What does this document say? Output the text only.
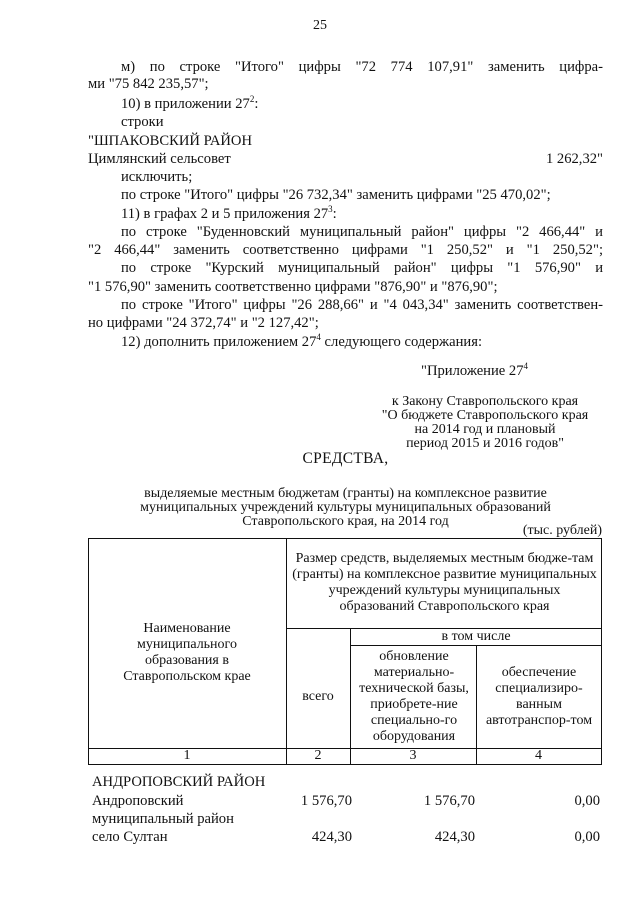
25
м) по строке "Итого" цифры "72 774 107,91" заменить цифра-
ми "75 842 235,57";
10) в приложении $27^2$:
строки
"ШПАКОВСКИЙ РАЙОН
Цимлянский сельсовет	1 262,32"
исключить;
по строке "Итого" цифры "26 732,34" заменить цифрами "25 470,02";
11) в графах 2 и 5 приложения $27^3$:
по строке "Буденновский муниципальный район" цифры "2 466,44" и
"2 466,44" заменить соответственно цифрами "1 250,52" и "1 250,52";
по строке "Курский муниципальный район" цифры "1 576,90" и
"1 576,90" заменить соответственно цифрами "876,90" и "876,90";
по строке "Итого" цифры "26 288,66" и "4 043,34" заменить соответствен-
но цифрами "24 372,74" и "2 127,42";
12) дополнить приложением $27^4$ следующего содержания:
"Приложение $27^4$
к Закону Ставропольского края
"О бюджете Ставропольского края
на 2014 год и плановый
период 2015 и 2016 годов"
СРЕДСТВА,
выделяемые местным бюджетам (гранты) на комплексное развитие
муниципальных учреждений культуры муниципальных образований
Ставропольского края, на 2014 год
(тыс. рублей)
Наименование муниципального образования в Ставропольском крае
Размер средств, выделяемых местным бюдже-там (гранты) на комплексное развитие муниципальных учреждений культуры муниципальных образований Ставропольского края
в том числе
всего
обновление материально-технической базы, приобрете-ние специально-го оборудования
обеспечение специализиро-ванным автотранспор-том
1	2	3	4
АНДРОПОВСКИЙ РАЙОН
Андроповский	1 576,70	1 576,70	0,00
муниципальный район
село Султан	424,30	424,30	0,00
